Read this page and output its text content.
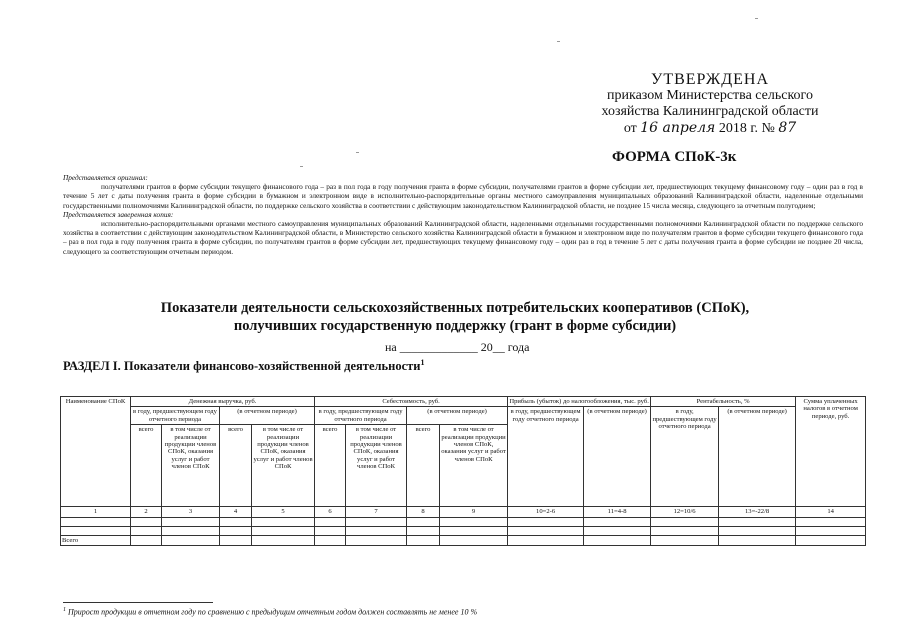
УТВЕРЖДЕНА
приказом Министерства сельского
хозяйства Калининградской области
от 16 апреля 2018 г. № 87
ФОРМА СПоК-3к
Представляется оригинал:
получателями грантов в форме субсидии текущего финансового года – раз в пол года в году получения гранта в форме субсидии, получателями грантов в форме субсидии лет, предшествующих текущему финансовому году – один раз в год в течение 5 лет с даты получения гранта в форме субсидии в бумажном и электронном виде в исполнительно-распорядительные органы местного самоуправления муниципальных образований Калининградской области, наделенные отдельными государственными полномочиями Калининградской области, по поддержке сельского хозяйства в соответствии с действующим законодательством Калининградской области, не позднее 15 числа месяца, следующего за отчетным полугодием;
Представляется заверенная копия:
исполнительно-распорядительными органами местного самоуправления муниципальных образований Калининградской области, наделенными отдельными государственными полномочиями Калининградской области по поддержке сельского хозяйства в соответствии с действующим законодательством Калининградской области, в Министерство сельского хозяйства Калининградской области в бумажном и электронном виде по получателям грантов в форме субсидии текущего финансового года – раз в пол года в году получения гранта в форме субсидии, по получателям грантов в форме субсидии лет, предшествующих текущему финансовому году – один раз в год в течение 5 лет с даты получения гранта в форме субсидии не позднее 20 числа, следующего за соответствующим отчетным периодом.
Показатели деятельности сельскохозяйственных потребительских кооперативов (СПоК),
получивших государственную поддержку (грант в форме субсидии)
на _____________ 20__ года
РАЗДЕЛ I. Показатели финансово-хозяйственной деятельности$^1$
Наименование СПоК	Денежная выручка, руб.				Себестоимость, руб.				Прибыль (убыток) до налогообложения, тыс. руб.		Рентабельность, %		Сумма уплаченных налогов в отчетном периоде, руб.
	в году, предшествующем году отчетного периода		(в отчетном периоде)		в году, предшествующем году отчетного периода		(в отчетном периоде)		в году, предшествующем году отчетного периода	(в отчетном периоде)	в году, предшествующем году отчетного периода	(в отчетном периоде)	
	всего	в том числе от реализации продукции членов СПоК, оказания услуг и работ членов СПоК	всего	в том числе от реализации продукции членов СПоК, оказания услуг и работ членов СПоК	всего	в том числе от реализации продукции членов СПоК, оказания услуг и работ членов СПоК	всего	в том числе от реализации продукции членов СПоК, оказания услуг и работ членов СПоК					
1	2	3	4	5	6	7	8	9	10=2-6	11=4-8	12=10/6	13=-22/8	14

Всего													
$^1$ Прирост продукции в отчетном году по сравнению с предыдущим отчетным годом должен составлять не менее 10 %
